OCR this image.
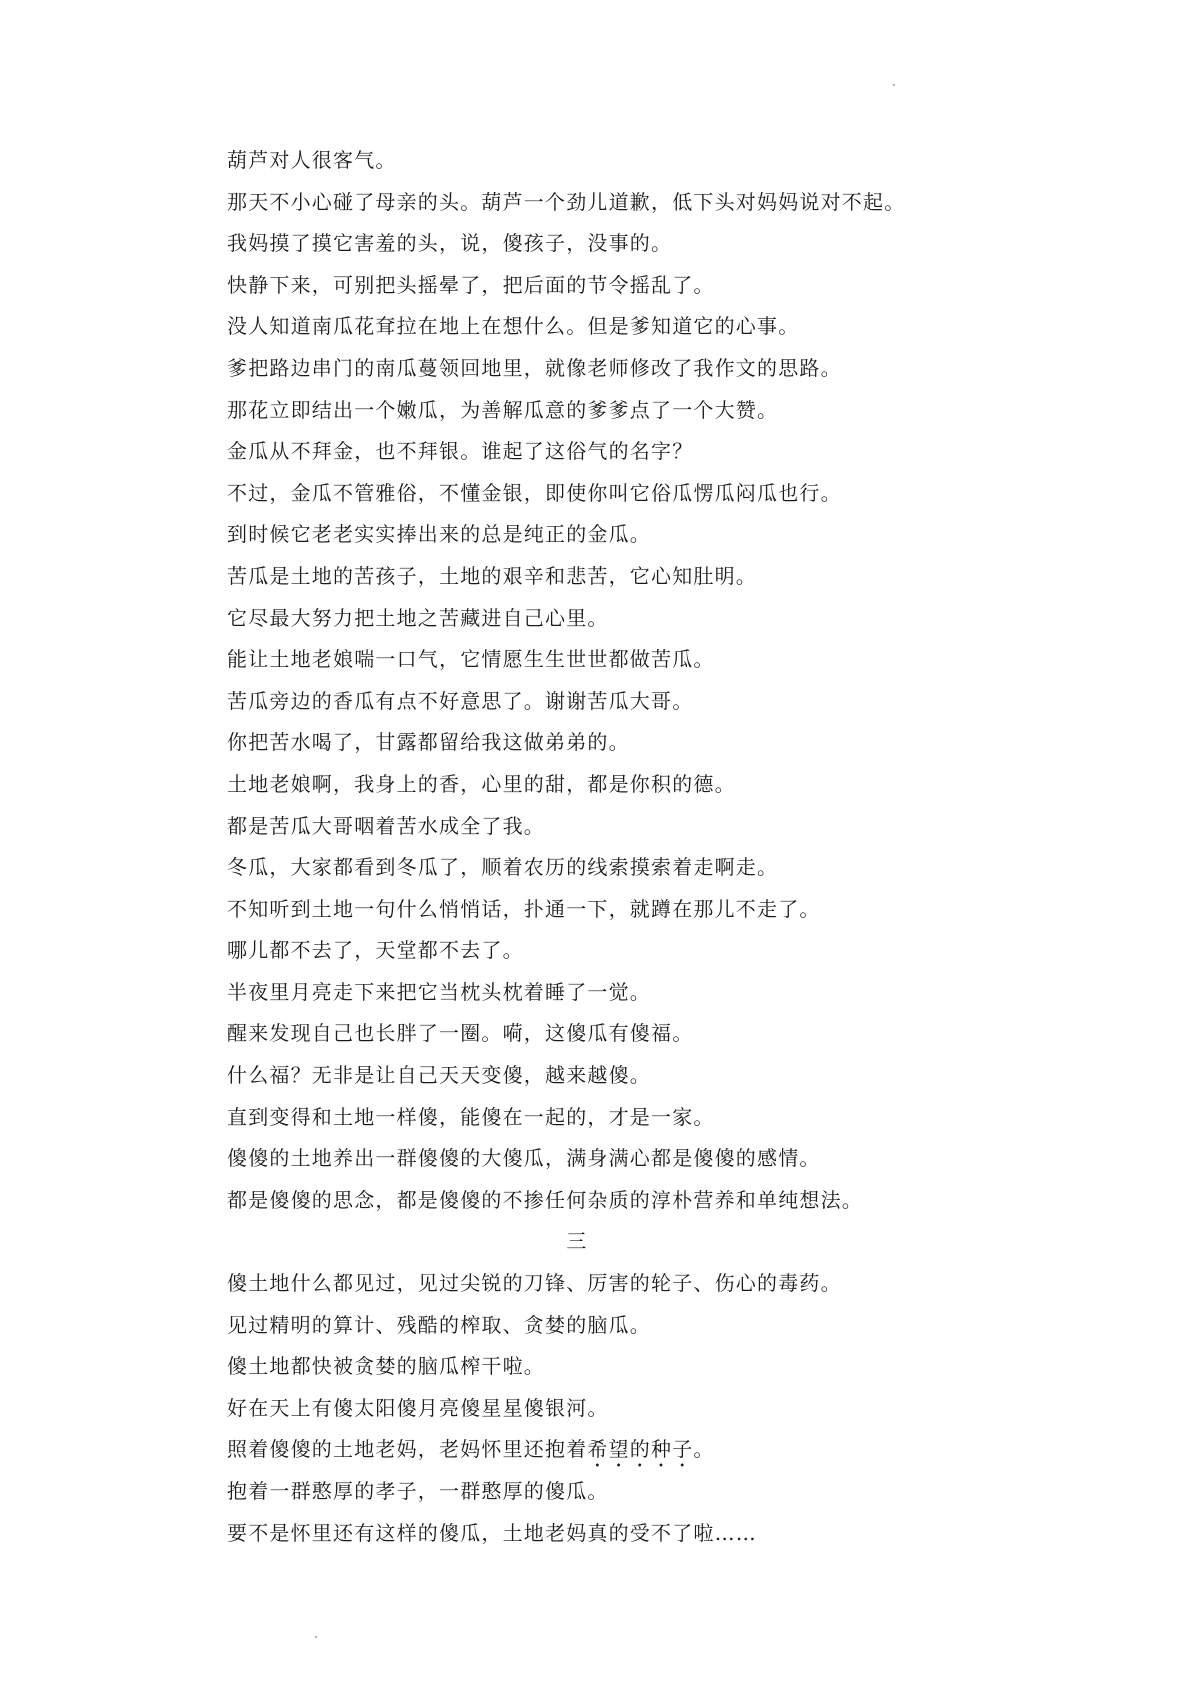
葫芦对人很客气。
那天不小心碰了母亲的头。葫芦一个劲儿道歉，低下头对妈妈说对不起。
我妈摸了摸它害羞的头，说，傻孩子，没事的。
快静下来，可别把头摇晕了，把后面的节令摇乱了。
没人知道南瓜花耷拉在地上在想什么。但是爹知道它的心事。
爹把路边串门的南瓜蔓领回地里，就像老师修改了我作文的思路。
那花立即结出一个嫩瓜，为善解瓜意的爹爹点了一个大赞。
金瓜从不拜金，也不拜银。谁起了这俗气的名字？
不过，金瓜不管雅俗，不懂金银，即使你叫它俗瓜愣瓜闷瓜也行。
到时候它老老实实捧出来的总是纯正的金瓜。
苦瓜是土地的苦孩子，土地的艰辛和悲苦，它心知肚明。
它尽最大努力把土地之苦藏进自己心里。
能让土地老娘喘一口气，它情愿生生世世都做苦瓜。
苦瓜旁边的香瓜有点不好意思了。谢谢苦瓜大哥。
你把苦水喝了，甘露都留给我这做弟弟的。
土地老娘啊，我身上的香，心里的甜，都是你积的德。
都是苦瓜大哥咽着苦水成全了我。
冬瓜，大家都看到冬瓜了，顺着农历的线索摸索着走啊走。
不知听到土地一句什么悄悄话，扑通一下，就蹲在那儿不走了。
哪儿都不去了，天堂都不去了。
半夜里月亮走下来把它当枕头枕着睡了一觉。
醒来发现自己也长胖了一圈。嗬，这傻瓜有傻福。
什么福？无非是让自己天天变傻，越来越傻。
直到变得和土地一样傻，能傻在一起的，才是一家。
傻傻的土地养出一群傻傻的大傻瓜，满身满心都是傻傻的感情。
都是傻傻的思念，都是傻傻的不掺任何杂质的淳朴营养和单纯想法。
三
傻土地什么都见过，见过尖锐的刀锋、厉害的轮子、伤心的毒药。
见过精明的算计、残酷的榨取、贪婪的脑瓜。
傻土地都快被贪婪的脑瓜榨干啦。
好在天上有傻太阳傻月亮傻星星傻银河。
照着傻傻的土地老妈，老妈怀里还抱着希望的种子。
抱着一群憨厚的孝子，一群憨厚的傻瓜。
要不是怀里还有这样的傻瓜，土地老妈真的受不了啦……
